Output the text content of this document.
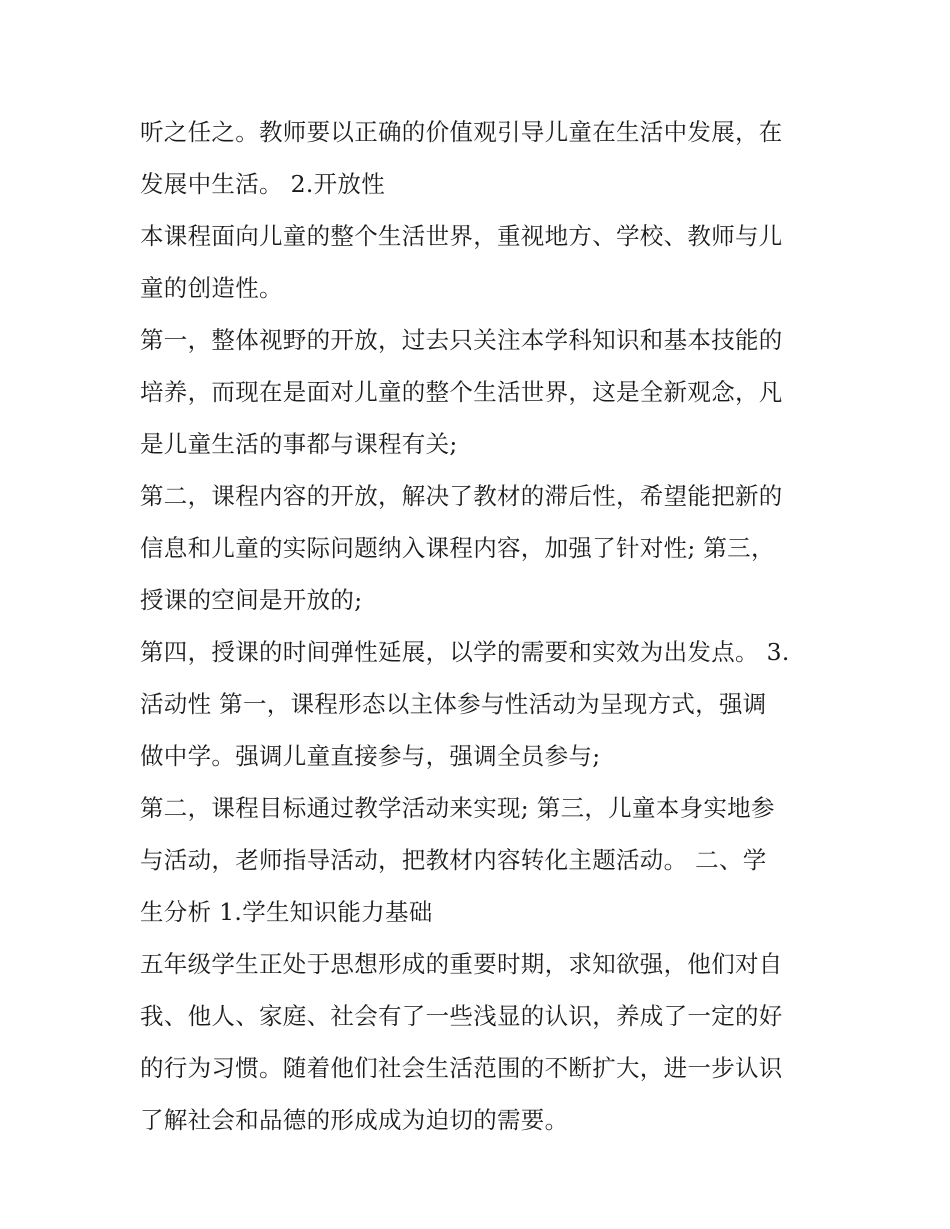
听之任之。教师要以正确的价值观引导儿童在生活中发展，在
发展中生活。 2.开放性
本课程面向儿童的整个生活世界，重视地方、学校、教师与儿
童的创造性。
第一，整体视野的开放，过去只关注本学科知识和基本技能的
培养，而现在是面对儿童的整个生活世界，这是全新观念，凡
是儿童生活的事都与课程有关;
第二，课程内容的开放，解决了教材的滞后性，希望能把新的
信息和儿童的实际问题纳入课程内容，加强了针对性; 第三，
授课的空间是开放的;
第四，授课的时间弹性延展，以学的需要和实效为出发点。 3.
活动性 第一，课程形态以主体参与性活动为呈现方式，强调
做中学。强调儿童直接参与，强调全员参与;
第二，课程目标通过教学活动来实现; 第三，儿童本身实地参
与活动，老师指导活动，把教材内容转化主题活动。 二、学
生分析 1.学生知识能力基础
五年级学生正处于思想形成的重要时期，求知欲强，他们对自
我、他人、家庭、社会有了一些浅显的认识，养成了一定的好
的行为习惯。随着他们社会生活范围的不断扩大，进一步认识
了解社会和品德的形成成为迫切的需要。
